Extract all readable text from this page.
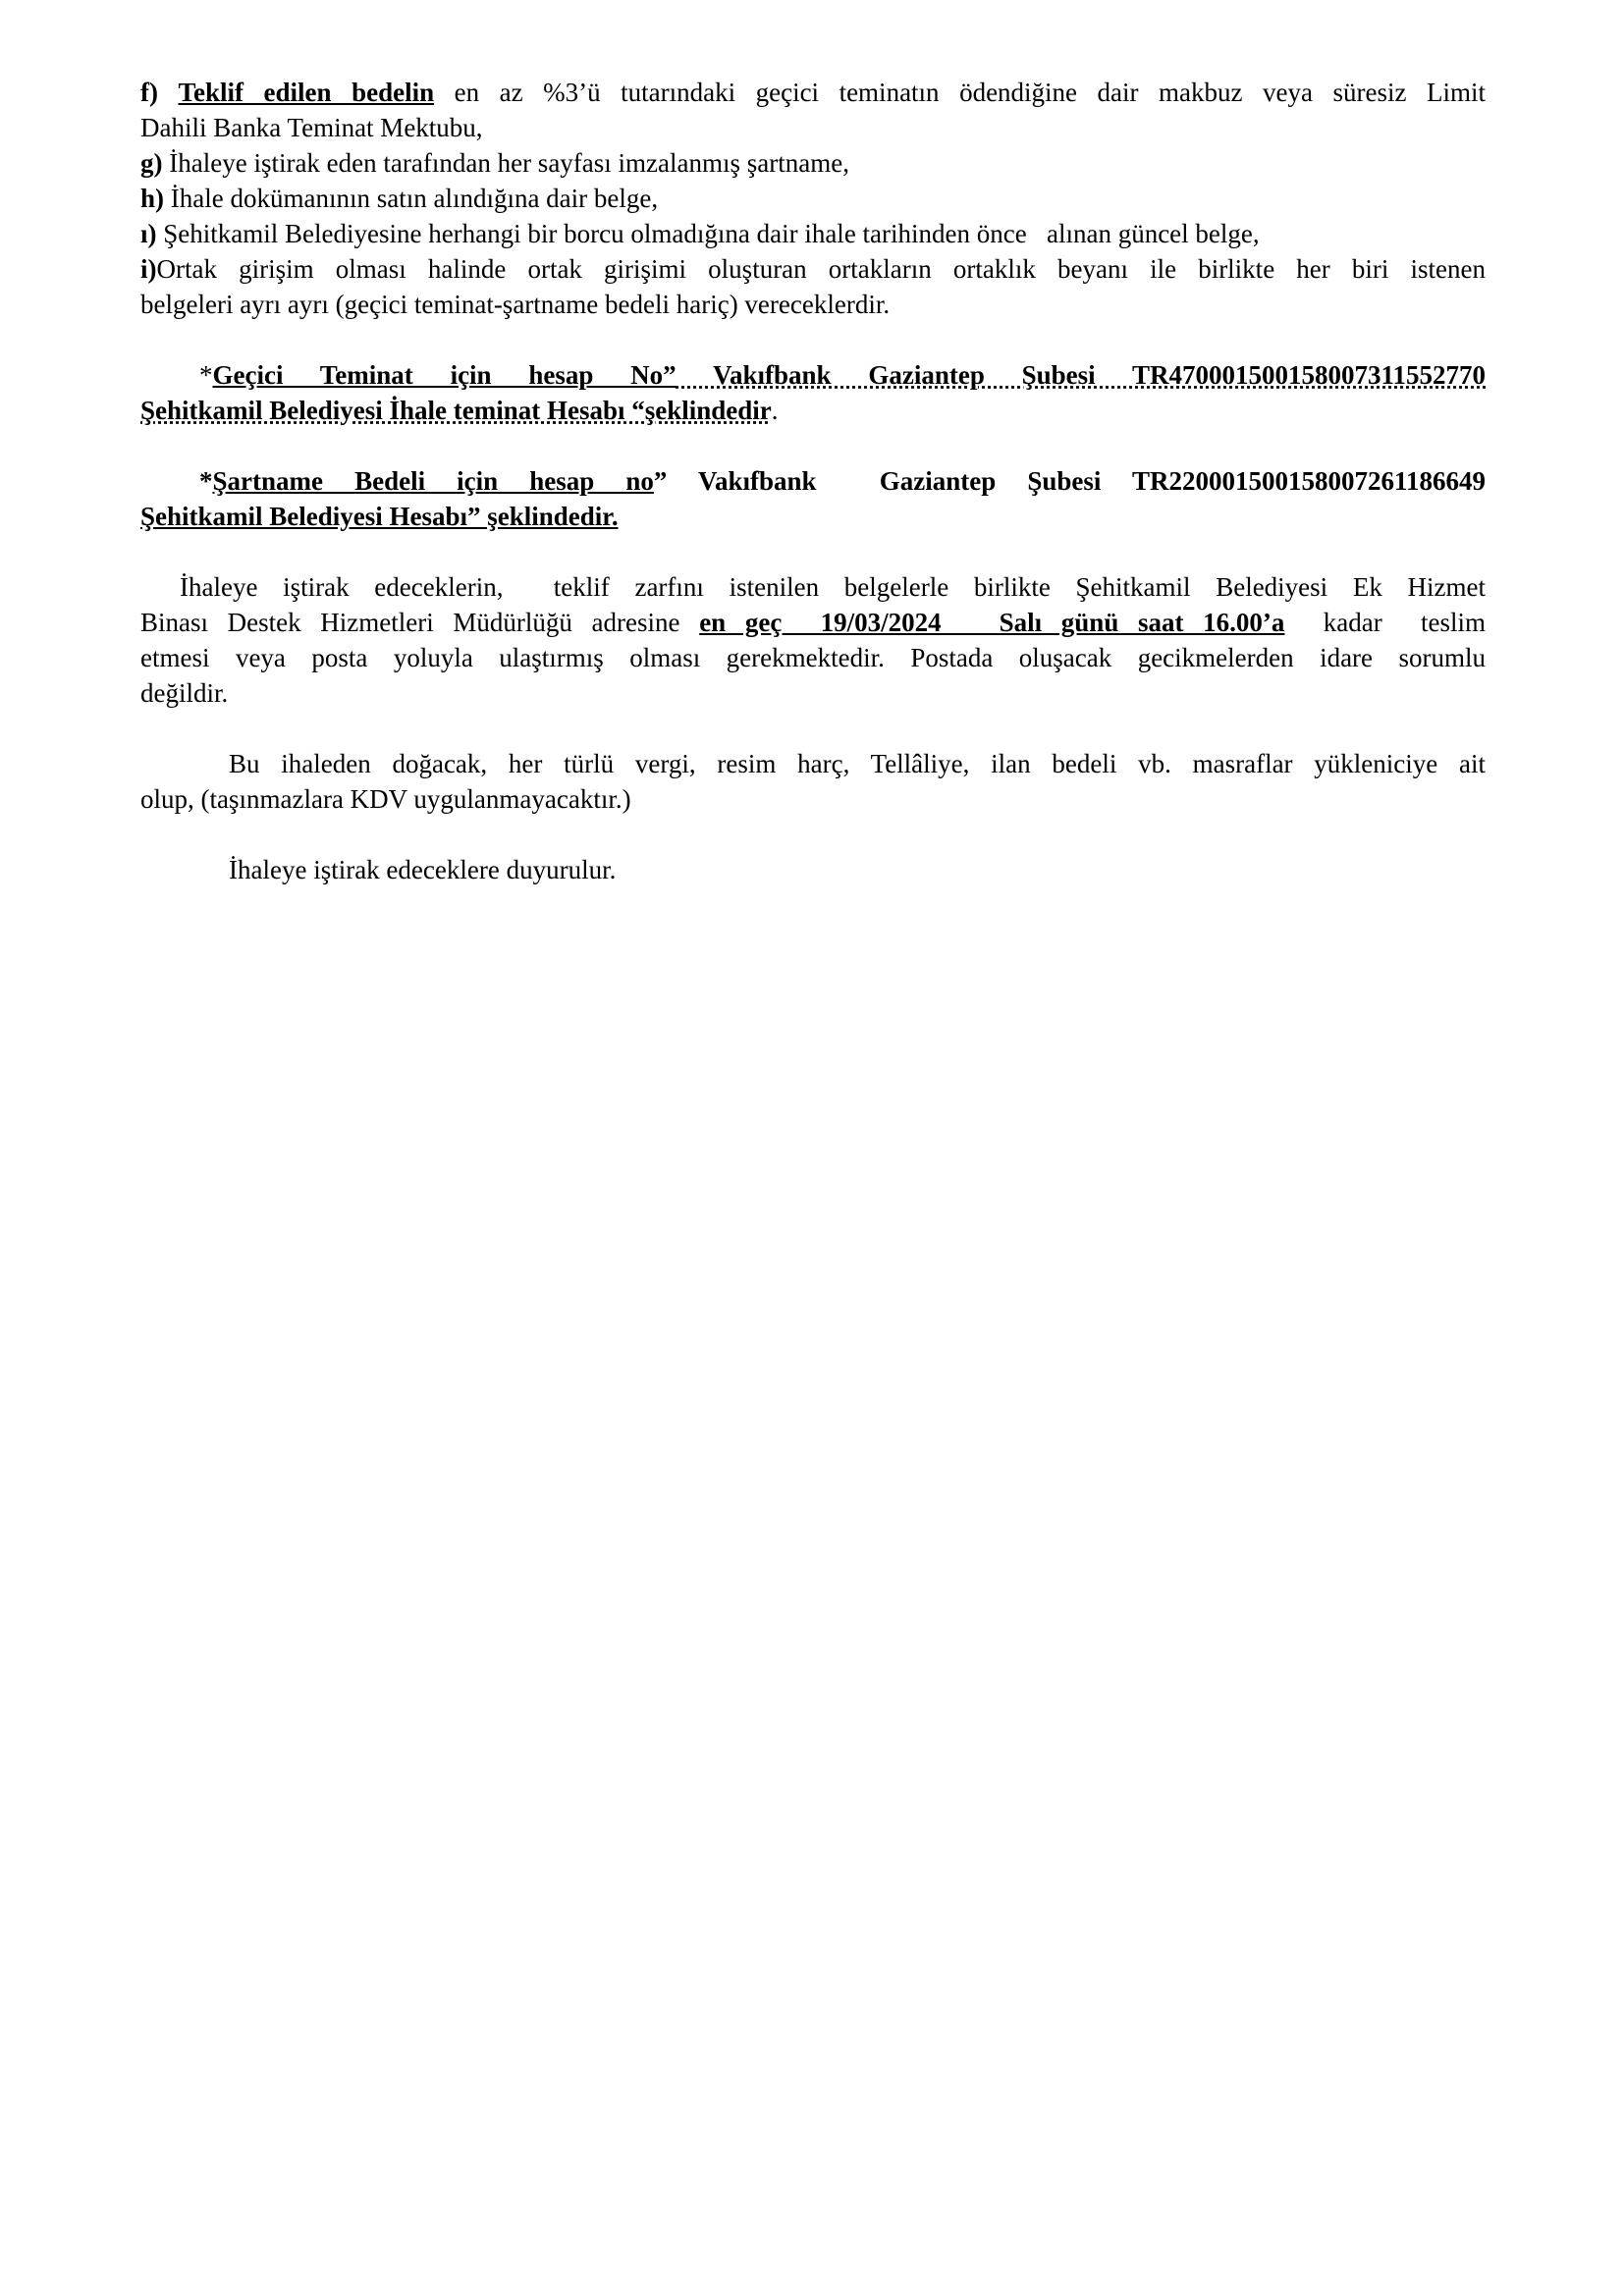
f) Teklif edilen bedelin en az %3’ü tutarındaki geçici teminatın ödendiğine dair makbuz veya süresiz Limit
Dahili Banka Teminat Mektubu,
g) İhaleye iştirak eden tarafından her sayfası imzalanmış şartname,
h) İhale dokümanının satın alındığına dair belge,
ı) Şehitkamil Belediyesine herhangi bir borcu olmadığına dair ihale tarihinden önce   alınan güncel belge,
i)Ortak girişim olması halinde ortak girişimi oluşturan ortakların ortaklık beyanı ile birlikte her biri istenen
belgeleri ayrı ayrı (geçici teminat-şartname bedeli hariç) vereceklerdir.
*Geçici Teminat için hesap No” Vakıfbank Gaziantep Şubesi TR470001500158007311552770
Şehitkamil Belediyesi İhale teminat Hesabı “şeklindedir.
*Şartname Bedeli için hesap no” Vakıfbank  Gaziantep Şubesi TR220001500158007261186649
Şehitkamil Belediyesi Hesabı” şeklindedir.
İhaleye iştirak edeceklerin,  teklif zarfını istenilen belgelerle birlikte Şehitkamil Belediyesi Ek Hizmet
Binası Destek Hizmetleri Müdürlüğü adresine en geç  19/03/2024   Salı günü saat 16.00’a  kadar  teslim
etmesi veya posta yoluyla ulaştırmış olması gerekmektedir. Postada oluşacak gecikmelerden idare sorumlu
değildir.
Bu ihaleden doğacak, her türlü vergi, resim harç, Tellâliye, ilan bedeli vb. masraflar yükleniciye ait
olup, (taşınmazlara KDV uygulanmayacaktır.)
İhaleye iştirak edeceklere duyurulur.
